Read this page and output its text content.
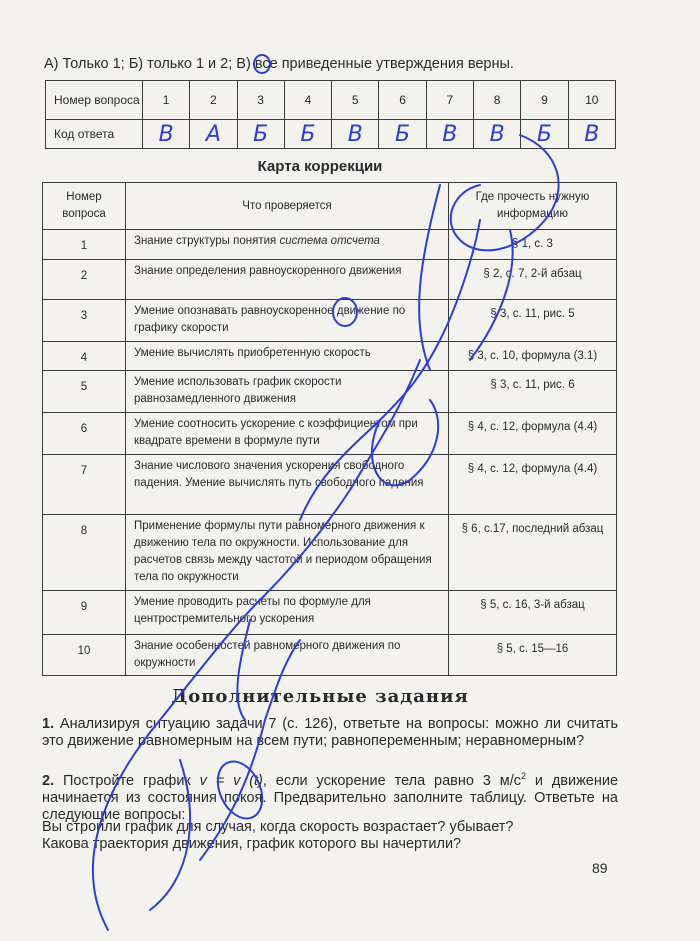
А) Только 1; Б) только 1 и 2; В) все приведенные утверждения верны.
Номер вопроса	1	2	3	4	5	6	7	8	9	10
Код ответа	В	А	Б	Б	В	Б	В	В	Б	В
Карта коррекции
Номер вопроса	Что проверяется	Где прочесть нужную информацию
1	Знание структуры понятия система отсчета	§ 1, с. 3
2	Знание определения равноускоренного движения	§ 2, с. 7, 2-й абзац
3	Умение опознавать равноускоренное движение по графику скорости	§ 3, с. 11, рис. 5
4	Умение вычислять приобретенную скорость	§ 3, с. 10, формула (3.1)
5	Умение использовать график скорости равнозамедленного движения	§ 3, с. 11, рис. 6
6	Умение соотносить ускорение с коэффициентом при квадрате времени в формуле пути	§ 4, с. 12, формула (4.4)
7	Знание числового значения ускорения свободного падения. Умение вычислять путь свободного падения	§ 4, с. 12, формула (4.4)
8	Применение формулы пути равномерного движения к движению тела по окружности. Использование для расчетов связь между частотой и периодом обращения тела по окружности	§ 6, с.17, последний абзац
9	Умение проводить расчеты по формуле для центростремительного ускорения	§ 5, с. 16, 3-й абзац
10	Знание особенностей равномерного движения по окружности	§ 5, с. 15—16
Дополнительные задания
1. Анализируя ситуацию задачи 7 (с. 126), ответьте на вопросы: можно ли считать это движение равномерным на всем пути; равнопеременным; неравномерным?
2. Постройте график v = v (t), если ускорение тела равно 3 $м/с^2$ и движение начинается из состояния покоя. Предварительно заполните таблицу. Ответьте на следующие вопросы:
Вы строили график для случая, когда скорость возрастает? убывает?
Какова траектория движения, график которого вы начертили?
89
